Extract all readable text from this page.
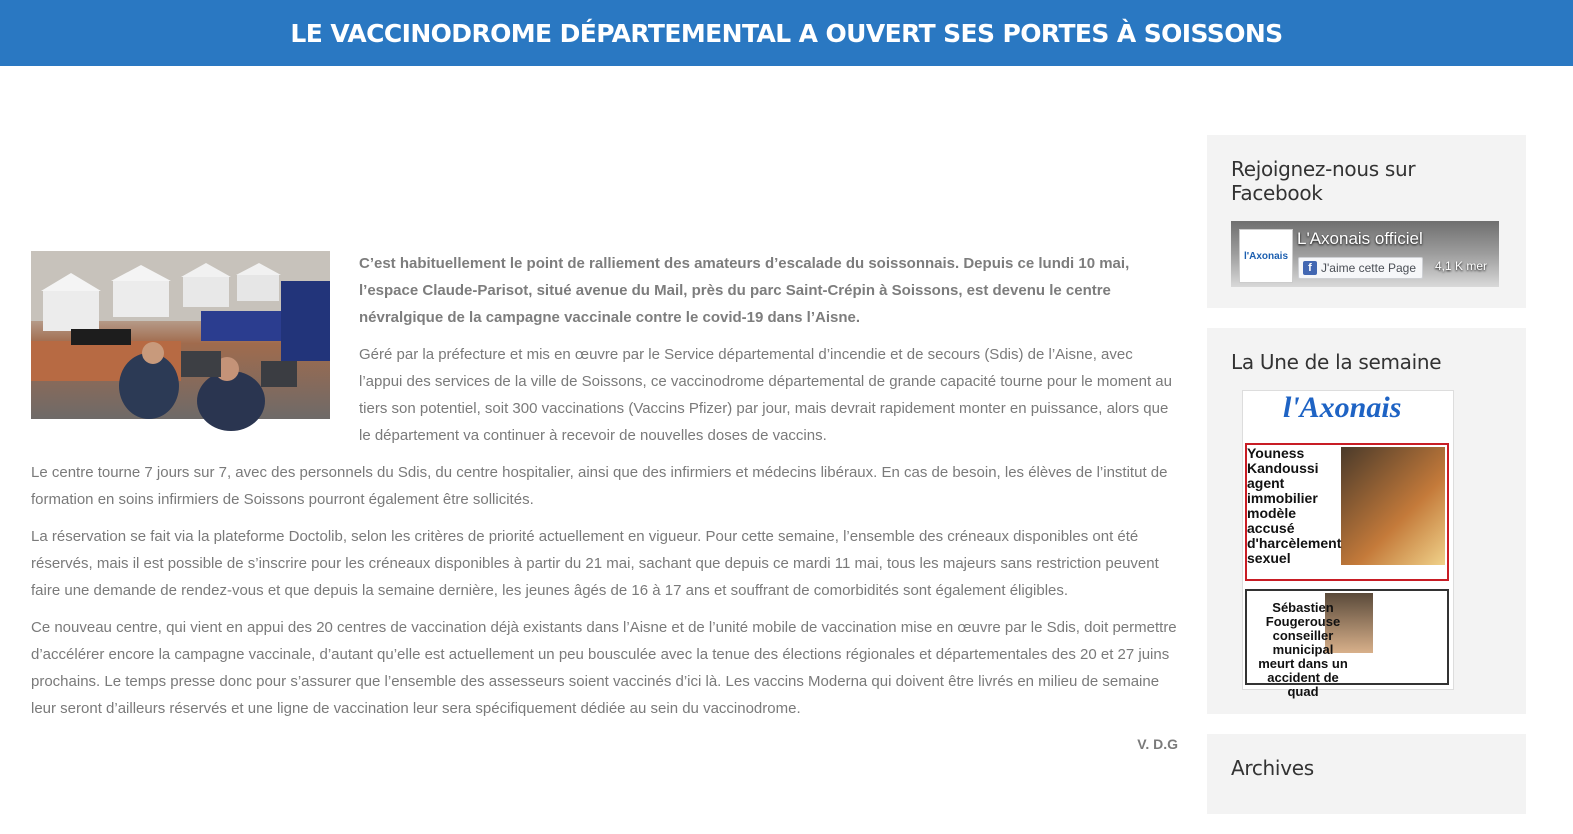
LE VACCINODROME DÉPARTEMENTAL A OUVERT SES PORTES À SOISSONS

C’est habituellement le point de ralliement des amateurs d’escalade du soissonnais. Depuis ce lundi 10 mai, l’espace Claude-Parisot, situé avenue du Mail, près du parc Saint-Crépin à Soissons, est devenu le centre névralgique de la campagne vaccinale contre le covid-19 dans l’Aisne.

Géré par la préfecture et mis en œuvre par le Service départemental d’incendie et de secours (Sdis) de l’Aisne, avec l’appui des services de la ville de Soissons, ce vaccinodrome départemental de grande capacité tourne pour le moment au tiers son potentiel, soit 300 vaccinations (Vaccins Pfizer) par jour, mais devrait rapidement monter en puissance, alors que le département va continuer à recevoir de nouvelles doses de vaccins.

Le centre tourne 7 jours sur 7, avec des personnels du Sdis, du centre hospitalier, ainsi que des infirmiers et médecins libéraux. En cas de besoin, les élèves de l’institut de formation en soins infirmiers de Soissons pourront également être sollicités.

La réservation se fait via la plateforme Doctolib, selon les critères de priorité actuellement en vigueur. Pour cette semaine, l’ensemble des créneaux disponibles ont été réservés, mais il est possible de s’inscrire pour les créneaux disponibles à partir du 21 mai, sachant que depuis ce mardi 11 mai, tous les majeurs sans restriction peuvent faire une demande de rendez-vous et que depuis la semaine dernière, les jeunes âgés de 16 à 17 ans et souffrant de comorbidités sont également éligibles.

Ce nouveau centre, qui vient en appui des 20 centres de vaccination déjà existants dans l’Aisne et de l’unité mobile de vaccination mise en œuvre par le Sdis, doit permettre d’accélérer encore la campagne vaccinale, d’autant qu’elle est actuellement un peu bousculée avec la tenue des élections régionales et départementales des 20 et 27 juins prochains. Le temps presse donc pour s’assurer que l’ensemble des assesseurs soient vaccinés d’ici là. Les vaccins Moderna qui doivent être livrés en milieu de semaine leur seront d’ailleurs réservés et une ligne de vaccination leur sera spécifiquement dédiée au sein du vaccinodrome.

V. D.G
Rejoignez-nous sur Facebook
l'Axonais
L'Axonais officiel
f J'aime cette Page 4,1 K mer
La Une de la semaine
l'Axonais
Youness Kandoussi agent immobilier modèle accusé d'harcèlement sexuel
Sébastien Fougerouse conseiller municipal meurt dans un accident de quad
Archives
